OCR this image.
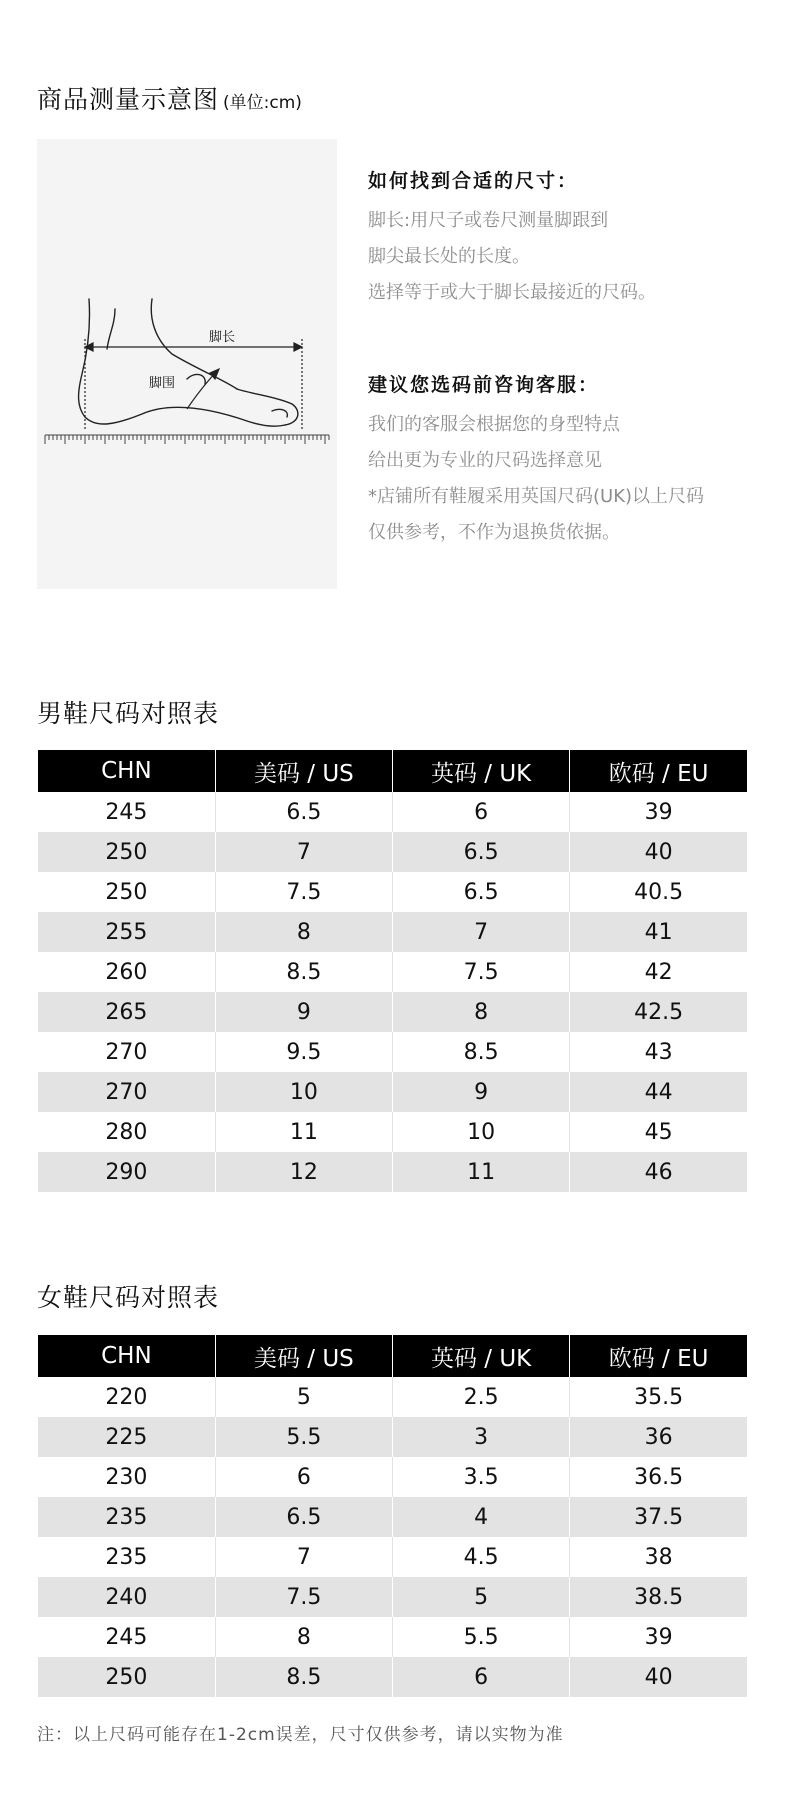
商品测量示意图 (单位:cm)
脚长
脚围
如何找到合适的尺寸：
脚长:用尺子或卷尺测量脚跟到
脚尖最长处的长度。
选择等于或大于脚长最接近的尺码。
建议您选码前咨询客服：
我们的客服会根据您的身型特点
给出更为专业的尺码选择意见
*店铺所有鞋履采用英国尺码(UK)以上尺码
仅供参考，不作为退换货依据。
男鞋尺码对照表
CHN	美码 / US	英码 / UK	欧码 / EU
245	6.5	6	39
250	7	6.5	40
250	7.5	6.5	40.5
255	8	7	41
260	8.5	7.5	42
265	9	8	42.5
270	9.5	8.5	43
270	10	9	44
280	11	10	45
290	12	11	46
女鞋尺码对照表
CHN	美码 / US	英码 / UK	欧码 / EU
220	5	2.5	35.5
225	5.5	3	36
230	6	3.5	36.5
235	6.5	4	37.5
235	7	4.5	38
240	7.5	5	38.5
245	8	5.5	39
250	8.5	6	40
注：以上尺码可能存在1-2cm误差，尺寸仅供参考，请以实物为准
